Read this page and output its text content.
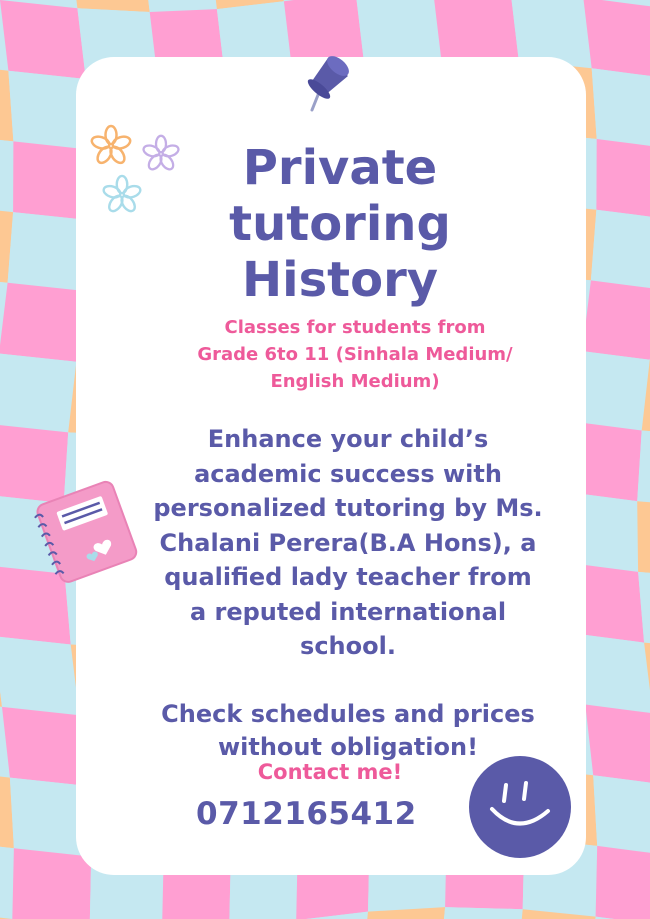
Private
tutoring
History
Classes for students from
Grade 6to 11 (Sinhala Medium/
English Medium)
Enhance your child’s
academic success with
personalized tutoring by Ms.
Chalani Perera(B.A Hons), a
qualified lady teacher from
a reputed international
school.
Check schedules and prices
without obligation!
Contact me!
0712165412
